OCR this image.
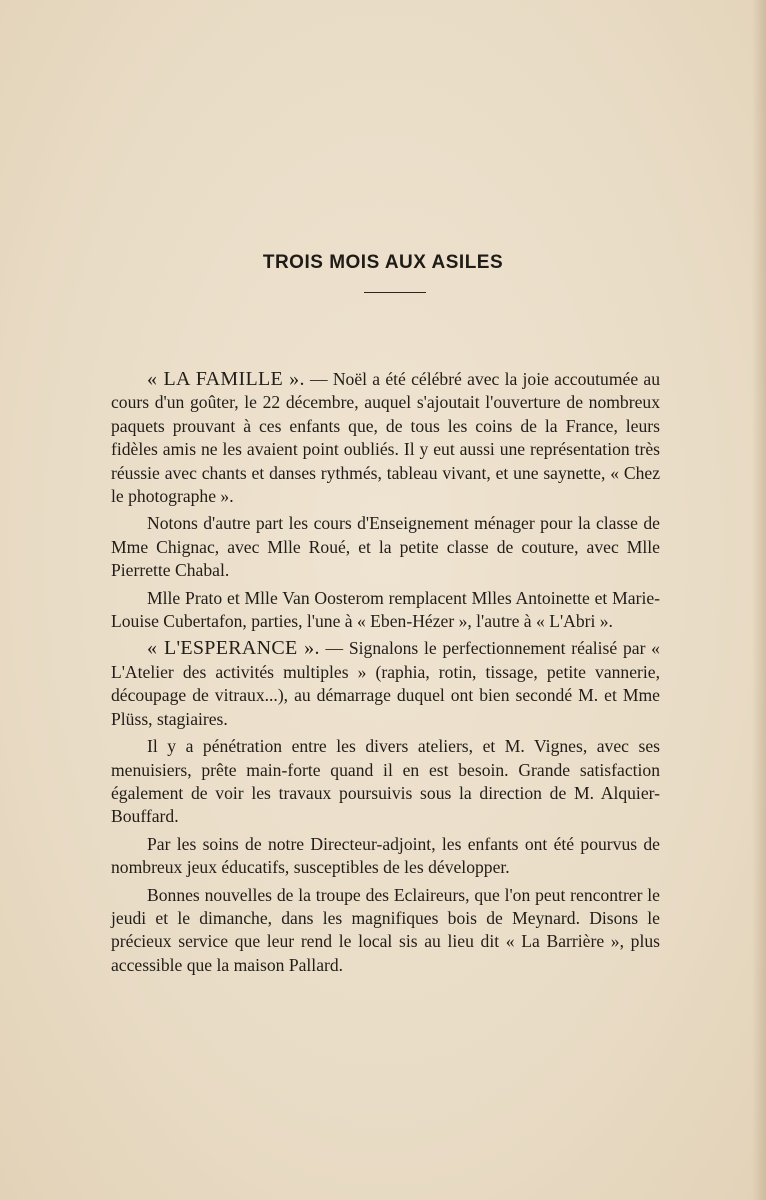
TROIS MOIS AUX ASILES

« LA FAMILLE ». — Noël a été célébré avec la joie accoutumée au cours d'un goûter, le 22 décembre, auquel s'ajoutait l'ouverture de nombreux paquets prouvant à ces enfants que, de tous les coins de la France, leurs fidèles amis ne les avaient point oubliés. Il y eut aussi une représentation très réussie avec chants et danses rythmés, tableau vivant, et une saynette, « Chez le photographe ».

Notons d'autre part les cours d'Enseignement ménager pour la classe de Mme Chignac, avec Mlle Roué, et la petite classe de couture, avec Mlle Pierrette Chabal.

Mlle Prato et Mlle Van Oosterom remplacent Mlles Antoinette et Marie-Louise Cubertafon, parties, l'une à « Eben-Hézer », l'autre à « L'Abri ».

« L'ESPERANCE ». — Signalons le perfectionnement réalisé par « L'Atelier des activités multiples » (raphia, rotin, tissage, petite vannerie, découpage de vitraux...), au démarrage duquel ont bien secondé M. et Mme Plüss, stagiaires.

Il y a pénétration entre les divers ateliers, et M. Vignes, avec ses menuisiers, prête main-forte quand il en est besoin. Grande satisfaction également de voir les travaux poursuivis sous la direction de M. Alquier-Bouffard.

Par les soins de notre Directeur-adjoint, les enfants ont été pourvus de nombreux jeux éducatifs, susceptibles de les développer.

Bonnes nouvelles de la troupe des Eclaireurs, que l'on peut rencontrer le jeudi et le dimanche, dans les magnifiques bois de Meynard. Disons le précieux service que leur rend le local sis au lieu dit « La Barrière », plus accessible que la maison Pallard.
